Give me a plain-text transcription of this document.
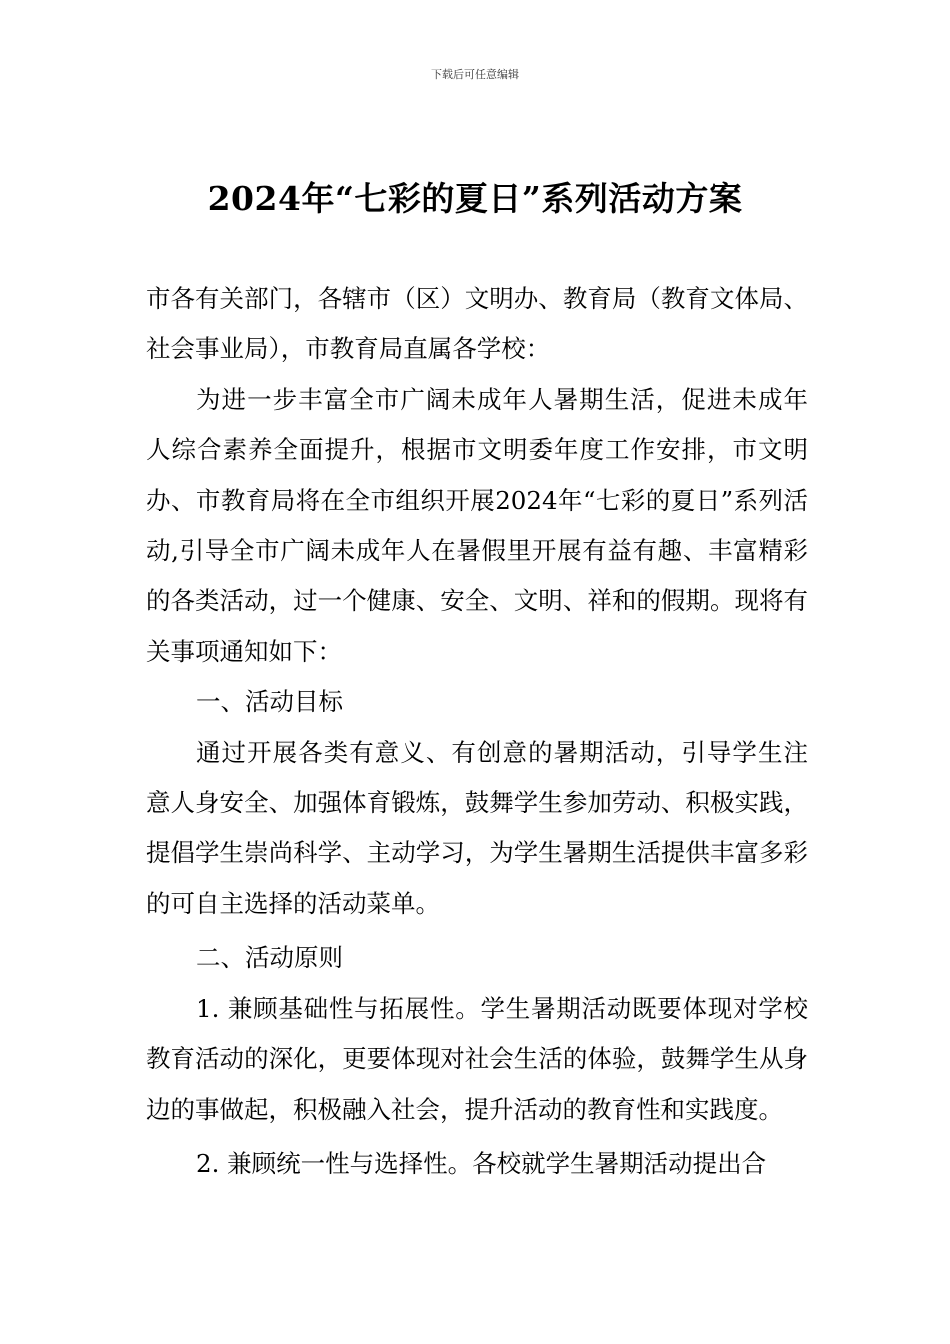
下载后可任意编辑
2024年“七彩的夏日”系列活动方案

市各有关部门，各辖市（区）文明办、教育局（教育文体局、社会事业局），市教育局直属各学校：

为进一步丰富全市广阔未成年人暑期生活，促进未成年人综合素养全面提升，根据市文明委年度工作安排，市文明办、市教育局将在全市组织开展2024年“七彩的夏日”系列活动,引导全市广阔未成年人在暑假里开展有益有趣、丰富精彩的各类活动，过一个健康、安全、文明、祥和的假期。现将有关事项通知如下：

一、活动目标

通过开展各类有意义、有创意的暑期活动，引导学生注意人身安全、加强体育锻炼，鼓舞学生参加劳动、积极实践，提倡学生崇尚科学、主动学习，为学生暑期生活提供丰富多彩的可自主选择的活动菜单。

二、活动原则

1. 兼顾基础性与拓展性。学生暑期活动既要体现对学校教育活动的深化，更要体现对社会生活的体验，鼓舞学生从身边的事做起，积极融入社会，提升活动的教育性和实践度。

2. 兼顾统一性与选择性。各校就学生暑期活动提出合
